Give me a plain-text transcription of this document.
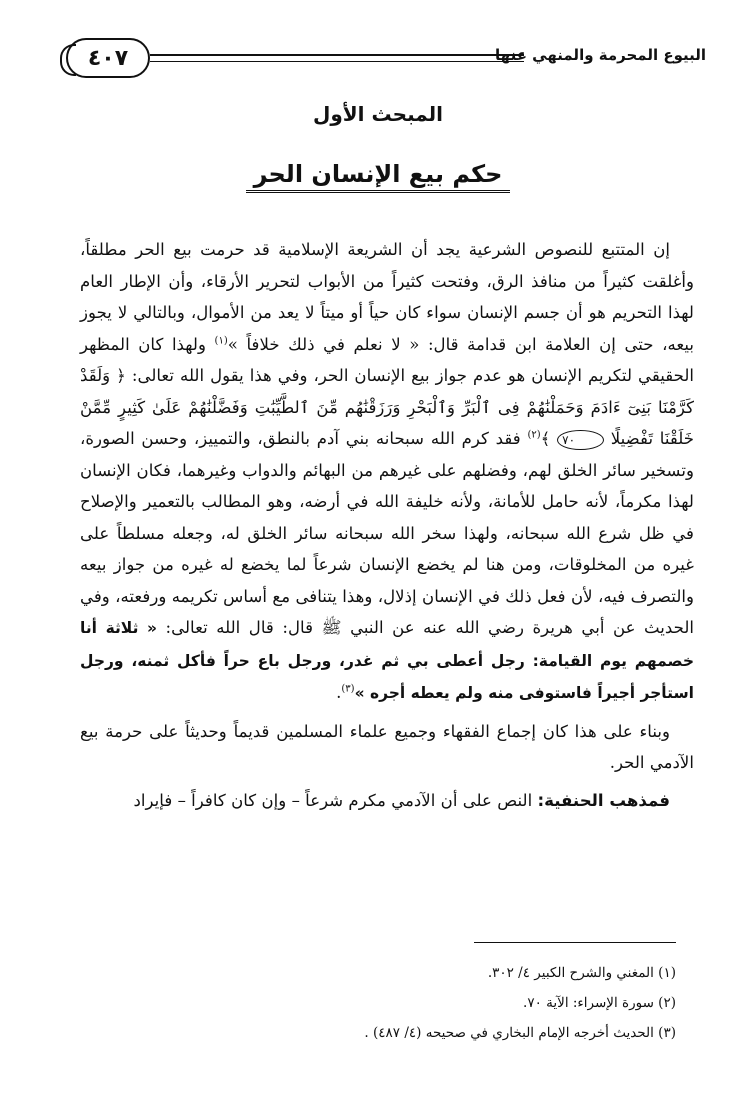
٤٠٧	البيوع المحرمة والمنهي عنها
المبحث الأول
حكم بيع الإنسان الحر

إن المتتبع للنصوص الشرعية يجد أن الشريعة الإسلامية قد حرمت بيع الحر مطلقاً، وأغلقت كثيراً من منافذ الرق، وفتحت كثيراً من الأبواب لتحرير الأرقاء، وأن الإطار العام لهذا التحريم هو أن جسم الإنسان سواء كان حياً أو ميتاً لا يعد من الأموال، وبالتالي لا يجوز بيعه، حتى إن العلامة ابن قدامة قال: « لا نعلم في ذلك خلافاً »$^{(١)}$ ولهذا كان المظهر الحقيقي لتكريم الإنسان هو عدم جواز بيع الإنسان الحر، وفي هذا يقول الله تعالى: ﴿ وَلَقَدْ كَرَّمْنَا بَنِىٓ ءَادَمَ وَحَمَلْنَٰهُمْ فِى ٱلْبَرِّ وَٱلْبَحْرِ وَرَزَقْنَٰهُم مِّنَ ٱلطَّيِّبَٰتِ وَفَضَّلْنَٰهُمْ عَلَىٰ كَثِيرٍ مِّمَّنْ خَلَقْنَا تَفْضِيلًا ٧٠ ﴾$^{(٢)}$ فقد كرم الله سبحانه بني آدم بالنطق، والتمييز، وحسن الصورة، وتسخير سائر الخلق لهم، وفضلهم على غيرهم من البهائم والدواب وغيرهما، فكان الإنسان لهذا مكرماً، لأنه حامل للأمانة، ولأنه خليفة الله في أرضه، وهو المطالب بالتعمير والإصلاح في ظل شرع الله سبحانه، ولهذا سخر الله سبحانه سائر الخلق له، وجعله مسلطاً على غيره من المخلوقات، ومن هنا لم يخضع الإنسان شرعاً لما يخضع له غيره من جواز بيعه والتصرف فيه، لأن فعل ذلك في الإنسان إذلال، وهذا يتنافى مع أساس تكريمه ورفعته، وفي الحديث عن أبي هريرة رضي الله عنه عن النبي ﷺ قال: قال الله تعالى: « ثلاثة أنا خصمهم يوم القيامة: رجل أعطى بي ثم غدر، ورجل باع حراً فأكل ثمنه، ورجل استأجر أجيراً فاستوفى منه ولم يعطه أجره »$^{(٣)}$.

وبناء على هذا كان إجماع الفقهاء وجميع علماء المسلمين قديماً وحديثاً على حرمة بيع الآدمي الحر.

فمذهب الحنفية: النص على أن الآدمي مكرم شرعاً – وإن كان كافراً – فإيراد

(١) المغني والشرح الكبير ٤/ ٣٠٢.
(٢) سورة الإسراء: الآية ٧٠.
(٣) الحديث أخرجه الإمام البخاري في صحيحه (٤/ ٤٨٧) .
